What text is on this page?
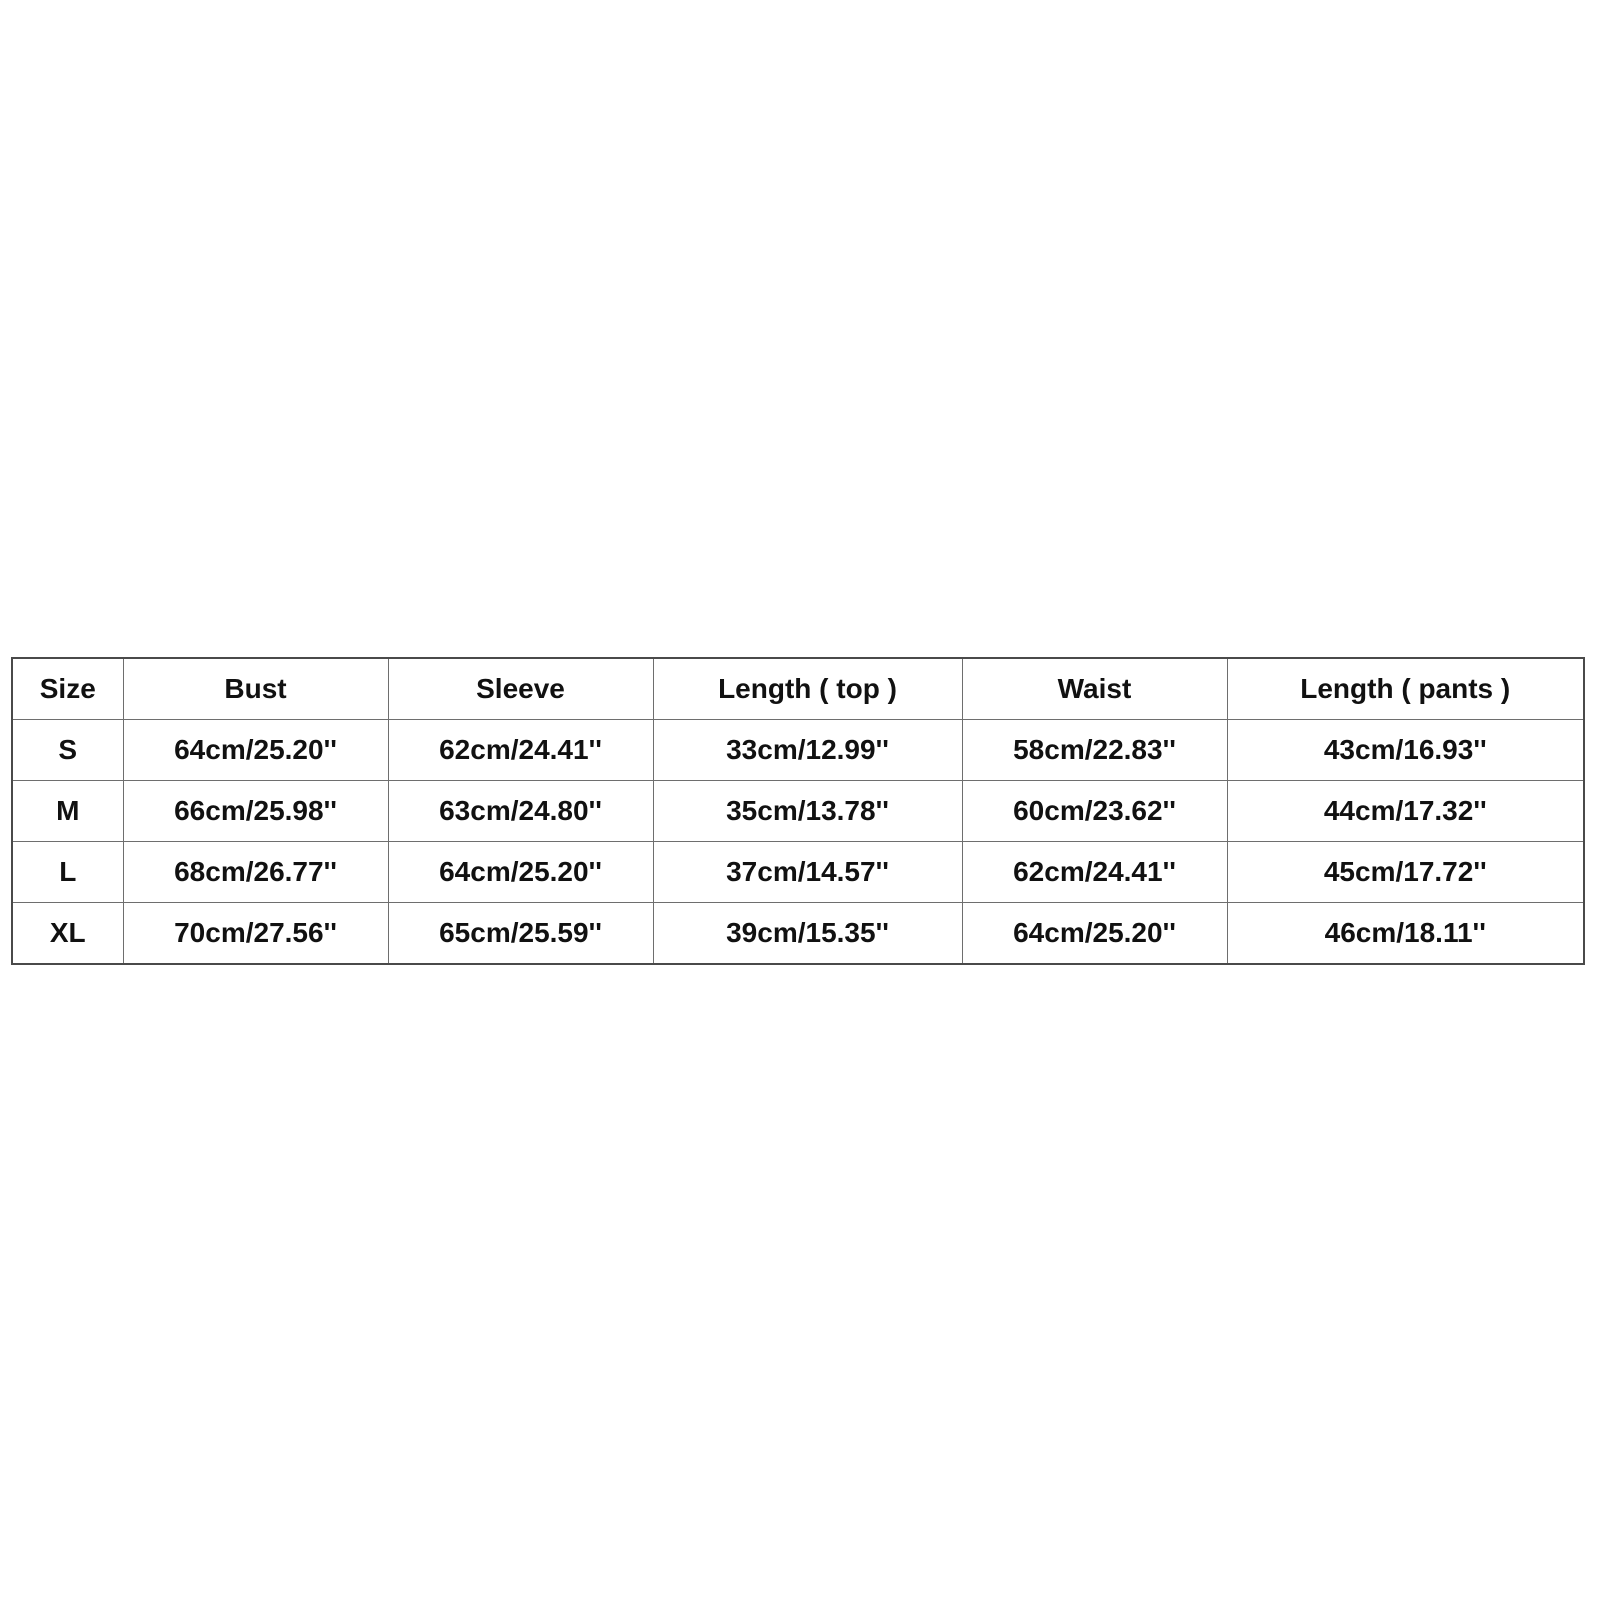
Size	Bust	Sleeve	Length ( top )	Waist	Length ( pants )
S	64cm/25.20''	62cm/24.41''	33cm/12.99''	58cm/22.83''	43cm/16.93''
M	66cm/25.98''	63cm/24.80''	35cm/13.78''	60cm/23.62''	44cm/17.32''
L	68cm/26.77''	64cm/25.20''	37cm/14.57''	62cm/24.41''	45cm/17.72''
XL	70cm/27.56''	65cm/25.59''	39cm/15.35''	64cm/25.20''	46cm/18.11''
